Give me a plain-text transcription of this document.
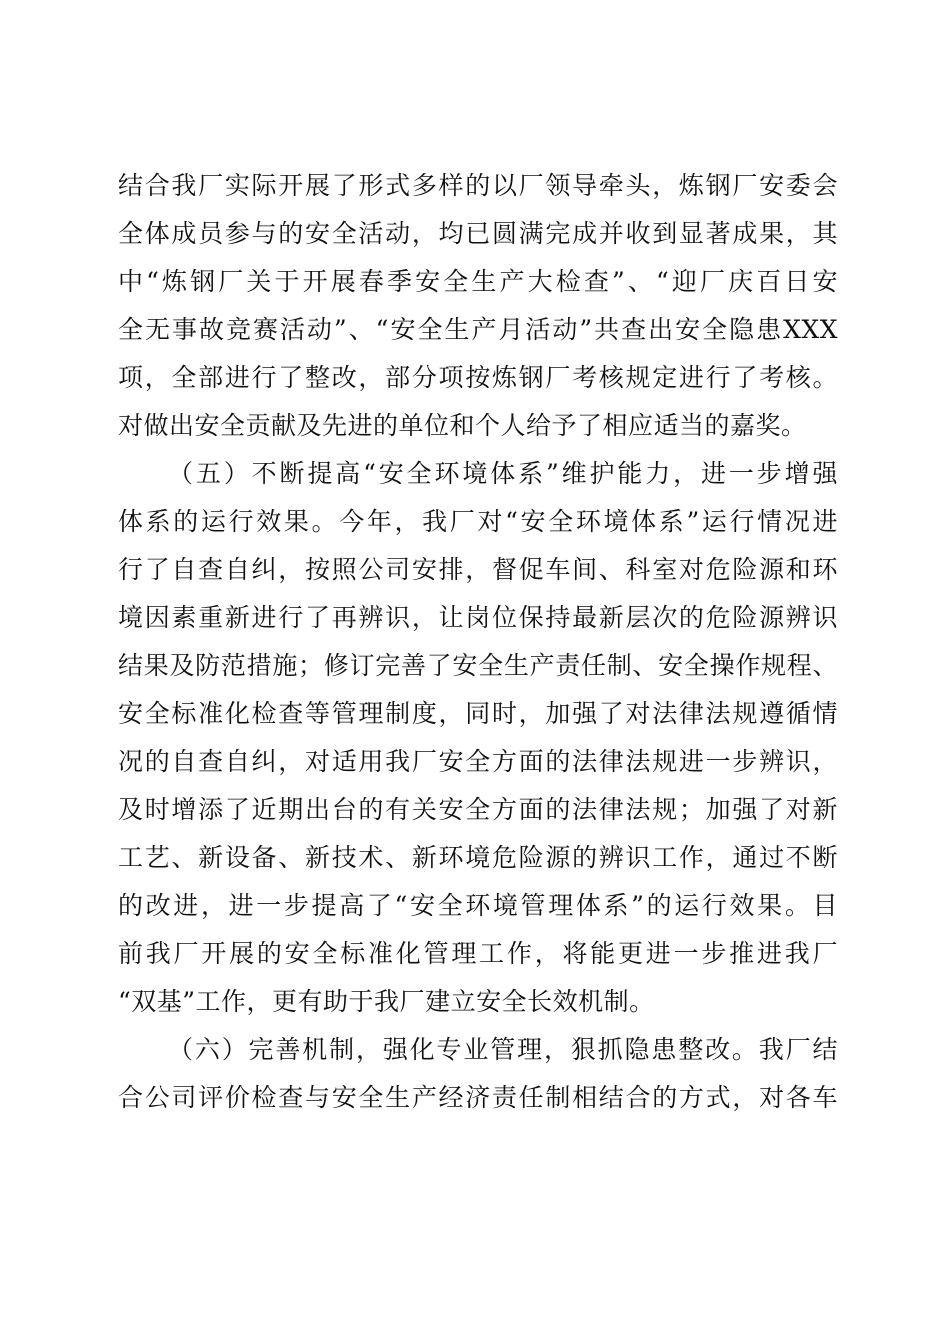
结合我厂实际开展了形式多样的以厂领导牵头，炼钢厂安委会
全体成员参与的安全活动，均已圆满完成并收到显著成果，其
中“炼钢厂关于开展春季安全生产大检查”、“迎厂庆百日安
全无事故竞赛活动”、“安全生产月活动”共查出安全隐患XXX
项，全部进行了整改，部分项按炼钢厂考核规定进行了考核。
对做出安全贡献及先进的单位和个人给予了相应适当的嘉奖。
（五）不断提高“安全环境体系”维护能力，进一步增强
体系的运行效果。今年，我厂对“安全环境体系”运行情况进
行了自查自纠，按照公司安排，督促车间、科室对危险源和环
境因素重新进行了再辨识，让岗位保持最新层次的危险源辨识
结果及防范措施；修订完善了安全生产责任制、安全操作规程、
安全标准化检查等管理制度，同时，加强了对法律法规遵循情
况的自查自纠，对适用我厂安全方面的法律法规进一步辨识，
及时增添了近期出台的有关安全方面的法律法规；加强了对新
工艺、新设备、新技术、新环境危险源的辨识工作，通过不断
的改进，进一步提高了“安全环境管理体系”的运行效果。目
前我厂开展的安全标准化管理工作，将能更进一步推进我厂
“双基”工作，更有助于我厂建立安全长效机制。
（六）完善机制，强化专业管理，狠抓隐患整改。我厂结
合公司评价检查与安全生产经济责任制相结合的方式，对各车
